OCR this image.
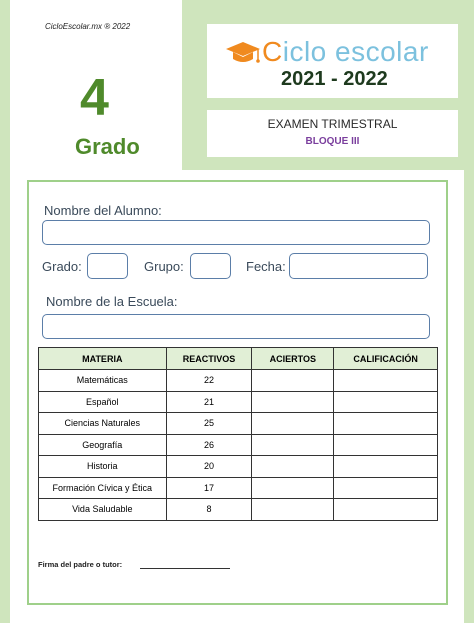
CicloEscolar.mx ® 2022
4
Grado
Ciclo escolar
2021 - 2022
EXAMEN TRIMESTRAL
BLOQUE III
Nombre del Alumno:
Grado:	Grupo:	Fecha:
Nombre de la Escuela:
MATERIA	REACTIVOS	ACIERTOS	CALIFICACIÓN
Matemáticas	22		
Español	21		
Ciencias Naturales	25		
Geografía	26		
Historia	20		
Formación Cívica y Ética	17		
Vida Saludable	8		
Firma del padre o tutor:
